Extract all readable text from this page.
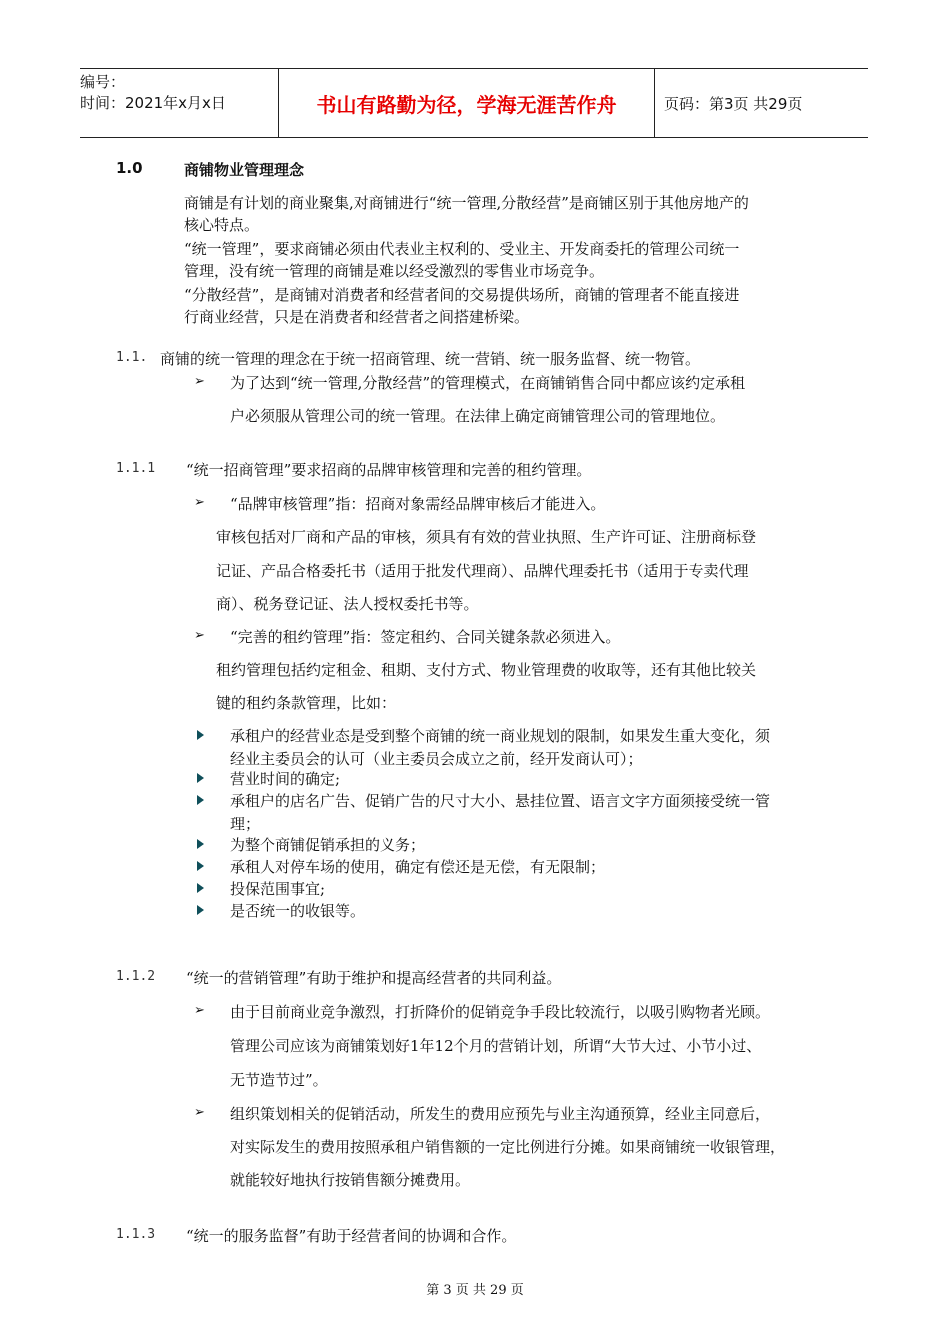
编号：
时间：2021年x月x日	书山有路勤为径，学海无涯苦作舟	页码：第3页 共29页
1.0	商铺物业管理理念
商铺是有计划的商业聚集,对商铺进行“统一管理,分散经营”是商铺区别于其他房地产的
核心特点。
“统一管理”，要求商铺必须由代表业主权利的、受业主、开发商委托的管理公司统一
管理，没有统一管理的商铺是难以经受激烈的零售业市场竞争。
“分散经营”，是商铺对消费者和经营者间的交易提供场所，商铺的管理者不能直接进
行商业经营，只是在消费者和经营者之间搭建桥梁。
1.1. 商铺的统一管理的理念在于统一招商管理、统一营销、统一服务监督、统一物管。
➢ 为了达到“统一管理,分散经营”的管理模式，在商铺销售合同中都应该约定承租
户必须服从管理公司的统一管理。在法律上确定商铺管理公司的管理地位。
1.1.1 “统一招商管理”要求招商的品牌审核管理和完善的租约管理。
➢ “品牌审核管理”指：招商对象需经品牌审核后才能进入。
审核包括对厂商和产品的审核，须具有有效的营业执照、生产许可证、注册商标登
记证、产品合格委托书（适用于批发代理商）、品牌代理委托书（适用于专卖代理
商）、税务登记证、法人授权委托书等。
➢ “完善的租约管理”指：签定租约、合同关键条款必须进入。
租约管理包括约定租金、租期、支付方式、物业管理费的收取等，还有其他比较关
键的租约条款管理，比如：
承租户的经营业态是受到整个商铺的统一商业规划的限制，如果发生重大变化，须
经业主委员会的认可（业主委员会成立之前，经开发商认可）；
营业时间的确定;
承租户的店名广告、促销广告的尺寸大小、悬挂位置、语言文字方面须接受统一管
理；
为整个商铺促销承担的义务；
承租人对停车场的使用，确定有偿还是无偿，有无限制；
投保范围事宜;
是否统一的收银等。
1.1.2 “统一的营销管理”有助于维护和提高经营者的共同利益。
➢ 由于目前商业竞争激烈，打折降价的促销竞争手段比较流行，以吸引购物者光顾。
管理公司应该为商铺策划好1年12个月的营销计划，所谓“大节大过、小节小过、
无节造节过”。
➢ 组织策划相关的促销活动，所发生的费用应预先与业主沟通预算，经业主同意后，
对实际发生的费用按照承租户销售额的一定比例进行分摊。如果商铺统一收银管理，
就能较好地执行按销售额分摊费用。
1.1.3 “统一的服务监督”有助于经营者间的协调和合作。
第 3 页 共 29 页
